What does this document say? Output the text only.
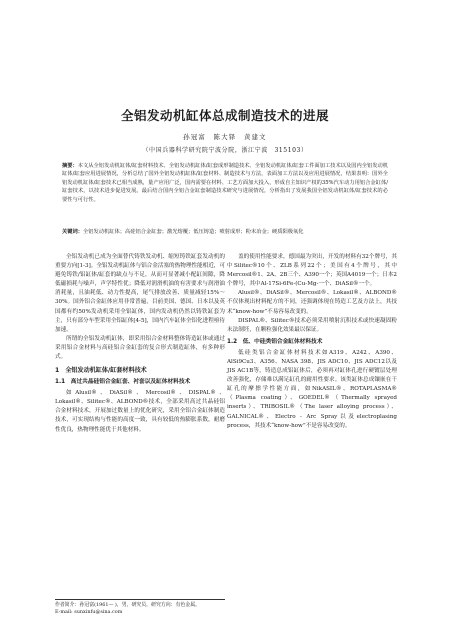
全铝发动机缸体总成制造技术的进展

孙冠富　陈大铎　黄建文

（中国兵器科学研究院宁波分院，浙江宁波　315103）

摘要：本文从全铝发动机缸体/缸套材料技术、全铝发动机缸体/缸套成形制造技术、全铝发动机缸体/缸套工件面加工技术以及国内全铝发动机缸体/缸套应用进展情况，分析总结了国外全铝发动机缸体/缸套材料、制造技术与方法，表面加工方法以及应用进展情况，结果表明：国外全铝发动机缸体/缸套技术已相当成熟，量产应用广泛，国内需要在材料、工艺方面加大投入，形成自主知识产权的35%汽车动力用铝合金缸体/缸套技术，以技术进步促进发展。最后结合国内全铝合金缸套制造技术研究与进展情况，分析指出了发展我国全铝发动机缸体/缸套技术的必要性与可行性。

关键词：全铝发动机缸体；高硅铝合金缸套；激光熔覆；低压铸造；喷射成形；粉末冶金；硬质阳极氧化

全铝发动机已成为全面替代铸铁发动机、缩短铸铁缸套发动机的重要方向[1-3]。全铝发动机缸体与铝合金活塞的热物理性能相近，可避免铸铁/铝缸体/缸套的缺点与不足，从而可显著减小配缸间隙，降低磁损耗与噪声，声学特性优；降低对润滑机油的有害要求与润滑油消耗量，且油耗低、动力性提高，尾气排放改善、质量减轻15%～30%。国外铝合金缸体应用非常普遍，目前美国、德国、日本以及英国都有约50%发动机采用全铝缸体，国内发动机仍然以铸铁缸套为主，只有部分车型采用全铝缸体[4-5]，国内汽车缸体全铝化进程亟待加速。

所谓的全铝发动机缸体，即采用铝合金材料整体铸造缸体或通过采用铝合金材料与高硅铝合金缸套的复合形式制造缸体，有多种形式。

1　全铝发动机缸体/缸套材料技术
1.1　高过共晶硅铝合金缸套、衬套以及缸体材料技术

如Alusil®、DiASil®、Mercosil®、DISPAL®、Lokasil®、Silitec®、ALBOND®技术，全部采用高过共晶硅铝合金材料技术，开展加过数量上的优化研究，采用全铝合金缸体制造技术，可实现结构与性能的高度一致，具有较低的热膨胀系数，耐磨性优良，热物理性能优于其他材料。

盖的使用性能要求，德国最为突出，开发的材料有32个牌号，其中Silitec®10个、ZLB系列22个；美国有4个牌号，其中Mercosil®1、2A、2B三个、A390一个；英国A4019一个；日本2个牌号，其中Al-17Si-6Fe-(Cu-Mg-一个、DiASil®一个。

Alusil®、DiASil®、Mercosil®、Lokasil®、ALBOND®不仅体现出材料配方的不同，还强调体现在铸造工艺及方法上，其技术“know-how”不易容易改变的。

DISPAL®、Silitec®技术必须采用喷射沉积技术或快速凝固粉末法制坯，在颗粒强化效果最以保证。

1.2　低、中硅类铝合金缸体材料技术

低硅类铝合金缸体材料技术如A319、A242、A390、AlSi9Cu3、A356、NASA 398、JIS ADC10、JIS ADC12以及JIS AC1B等，铸造总成铝缸体后，必须再对缸体孔进行硬镀层处理改善强化，存储难以满足缸孔的耐用性要求。该类缸体总成镶嵌在干缸孔的摩擦学性能方面，如NikASIL®、ROTAPLASMA®（Plasma coating）、GOEDEL®（Thermally sprayed inserts）、TRIBOSIL®（The laser alloying process）、GALNICAL®、Electro - Arc Spray以及electroplasing process，其技术“know-how”不是容易改变的。

作者简介：孙冠富(1961— )，男，研究员，研究方向：有色金属。

E-mail: sunxinfu@sina.com
